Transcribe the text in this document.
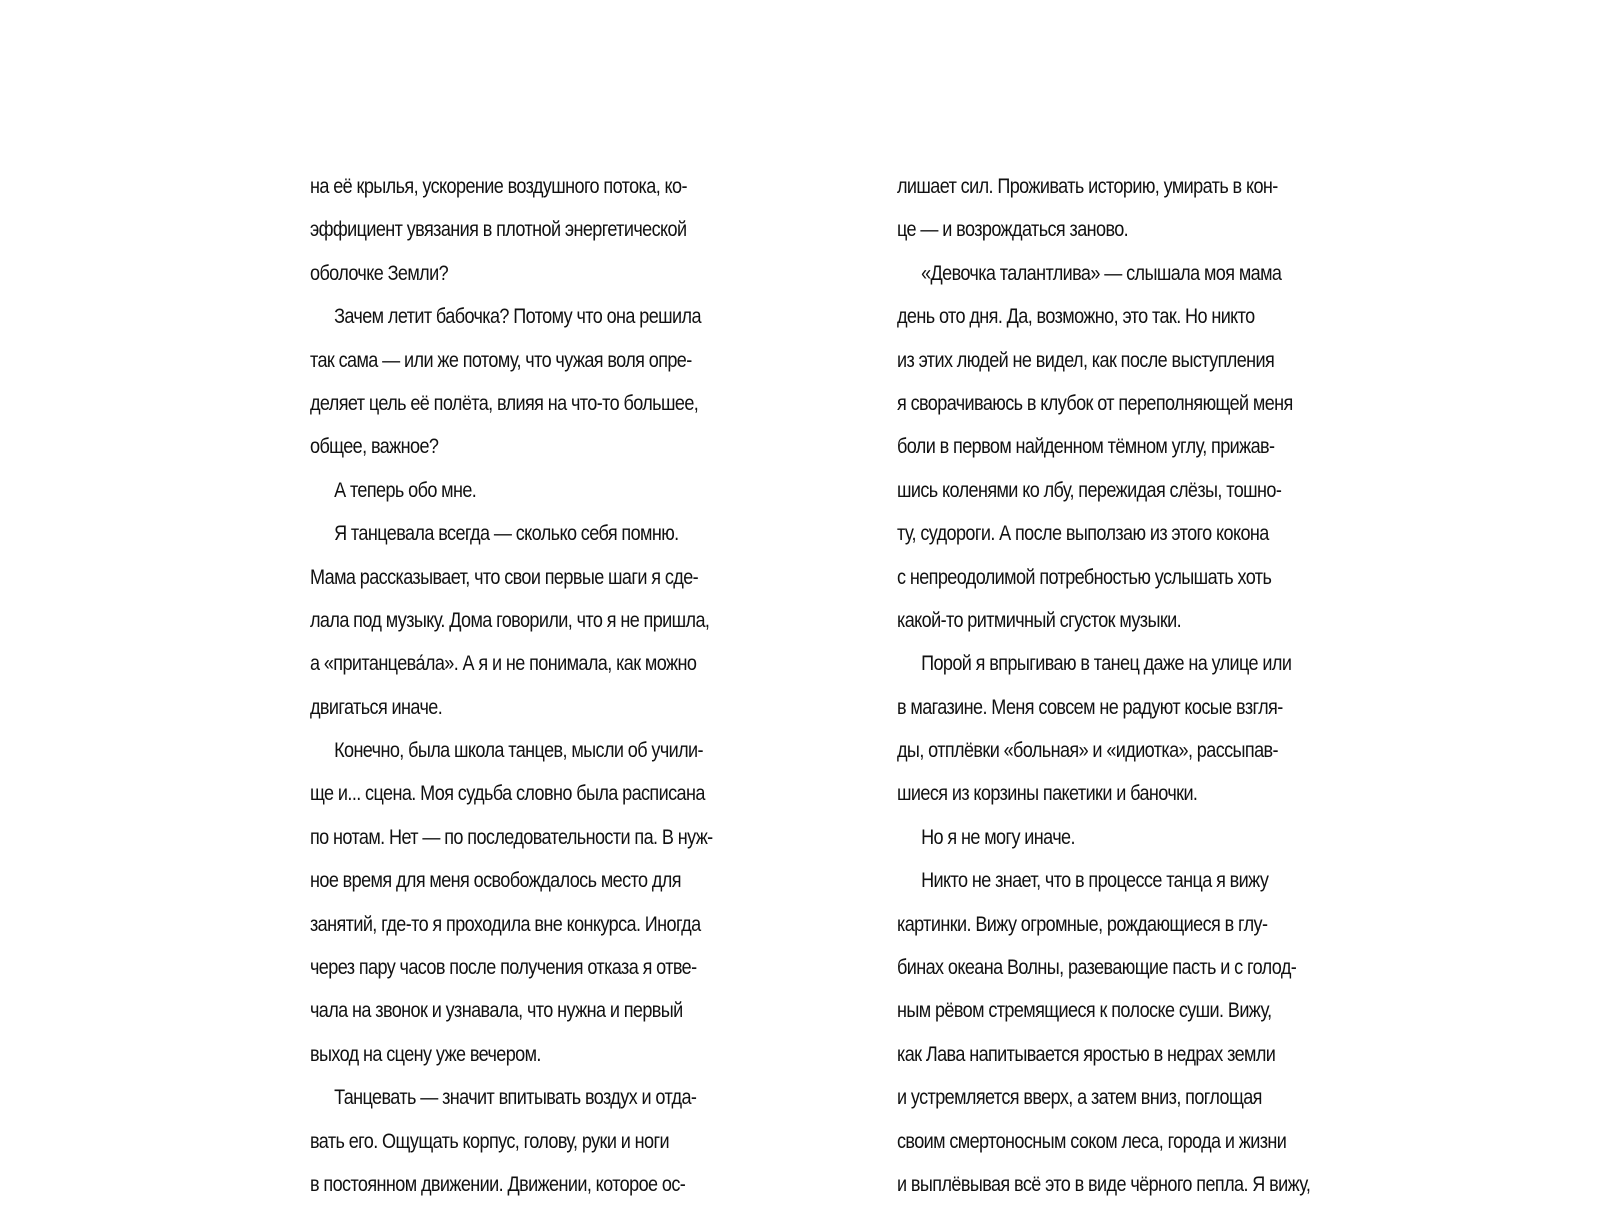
на её крылья, ускорение воздушного потока, ко-
эффициент увязания в плотной энергетической
оболочке Земли?
Зачем летит бабочка? Потому что она решила
так сама — или же потому, что чужая воля опре-
деляет цель её полёта, влияя на что-то большее,
общее, важное?
А теперь обо мне.
Я танцевала всегда — сколько себя помню.
Мама рассказывает, что свои первые шаги я сде-
лала под музыку. Дома говорили, что я не пришла,
а «пританцева́ла». А я и не понимала, как можно
двигаться иначе.
Конечно, была школа танцев, мысли об учили-
ще и... сцена. Моя судьба словно была расписана
по нотам. Нет — по последовательности па. В нуж-
ное время для меня освобождалось место для
занятий, где-то я проходила вне конкурса. Иногда
через пару часов после получения отказа я отве-
чала на звонок и узнавала, что нужна и первый
выход на сцену уже вечером.
Танцевать — значит впитывать воздух и отда-
вать его. Ощущать корпус, голову, руки и ноги
в постоянном движении. Движении, которое ос-
лишает сил. Проживать историю, умирать в кон-
це — и возрождаться заново.
«Девочка талантлива» — слышала моя мама
день ото дня. Да, возможно, это так. Но никто
из этих людей не видел, как после выступления
я сворачиваюсь в клубок от переполняющей меня
боли в первом найденном тёмном углу, прижав-
шись коленями ко лбу, пережидая слёзы, тошно-
ту, судороги. А после выползаю из этого кокона
с непреодолимой потребностью услышать хоть
какой-то ритмичный сгусток музыки.
Порой я впрыгиваю в танец даже на улице или
в магазине. Меня совсем не радуют косые взгля-
ды, отплёвки «больная» и «идиотка», рассыпав-
шиеся из корзины пакетики и баночки.
Но я не могу иначе.
Никто не знает, что в процессе танца я вижу
картинки. Вижу огромные, рождающиеся в глу-
бинах океана Волны, разевающие пасть и с голод-
ным рёвом стремящиеся к полоске суши. Вижу,
как Лава напитывается яростью в недрах земли
и устремляется вверх, а затем вниз, поглощая
своим смертоносным соком леса, города и жизни
и выплёвывая всё это в виде чёрного пепла. Я вижу,
